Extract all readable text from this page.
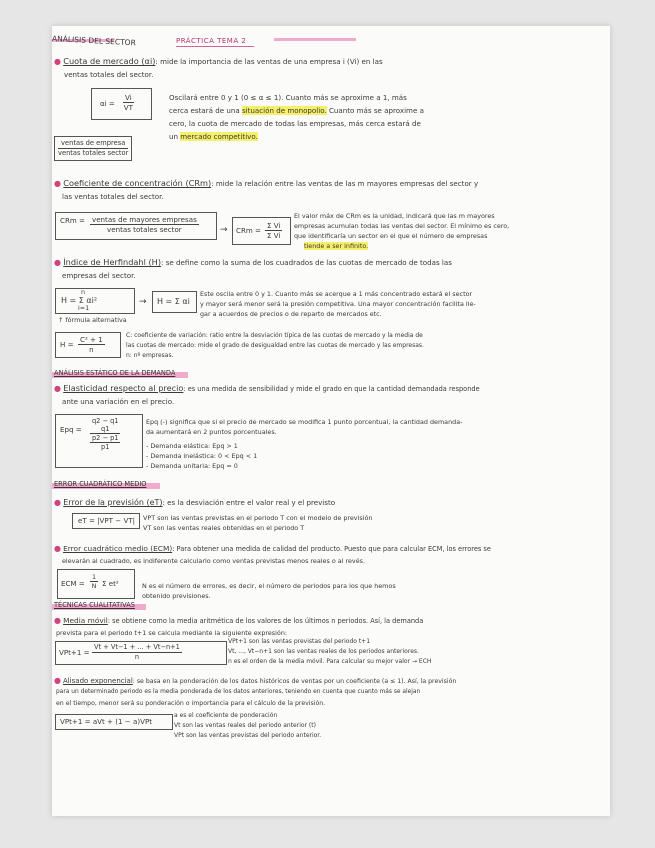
ANÁLISIS DEL SECTOR	PRÁCTICA TEMA 2
● Cuota de mercado (αi): mide la importancia de las ventas de una empresa i (Vi) en las
ventas totales del sector.
$\alpha i = \frac{Vi}{VT}$	Oscilará entre 0 y 1 (0 ≤ α ≤ 1). Cuanto más se aproxime a 1, más
cerca estará de una situación de monopolio. Cuanto más se aproxime a
cero, la cuota de mercado de todas las empresas, más cerca estará de
un mercado competitivo.
ventas de empresa
ventas totales sector
● Coeficiente de concentración (CRm): mide la relación entre las ventas de las m mayores empresas del sector y
las ventas totales del sector.
CRm = ventas de mayores empresas
ventas totales sector	→ CRm = $\frac{\text{Σ Vi}}{\text{Σ Vi}}$
El valor máx de CRm es la unidad, indicará que las m mayores
empresas acumulan todas las ventas del sector. El mínimo es cero,
que identificaría un sector en el que el número de empresas
tiende a ser infinito.
● Índice de Herfindahl (H): se define como la suma de los cuadrados de las cuotas de mercado de todas las
empresas del sector.
H = Σ αi²
n
i=1
→ H = Σ αi
↑ fórmula alternativa
Este oscila entre 0 y 1. Cuanto más se acerque a 1 más concentrado estará el sector
y mayor será menor será la presión competitiva. Una mayor concentración facilita lle-
gar a acuerdos de precios o de reparto de mercados etc.
$H = \frac{\text{C² + 1}}{n}$	C: coeficiente de variación: ratio entre la desviación típica de las cuotas de mercado y la media de
las cuotas de mercado: mide el grado de desigualdad entre las cuotas de mercado y las empresas.
n: nº empresas.
ANÁLISIS ESTÁTICO DE LA DEMANDA
● Elasticidad respecto al precio: es una medida de sensibilidad y mide el grado en que la cantidad demandada responde
ante una variación en el precio.
Epq =
q2 − q1
q1
p2 − p1
p1
Epq (-) significa que si el precio de mercado se modifica 1 punto porcentual, la cantidad demanda-
da aumentará en 2 puntos porcentuales.
- Demanda elástica: Epq > 1
- Demanda inelástica: 0 < Epq < 1
- Demanda unitaria: Epq = 0
ERROR CUADRÁTICO MEDIO
● Error de la previsión (eT): es la desviación entre el valor real y el previsto
eT = |VPT − VT| VPT son las ventas previstas en el periodo T con el modelo de previsión
VT son las ventas reales obtenidas en el periodo T
● Error cuadrático medio (ECM): Para obtener una medida de calidad del producto. Puesto que para calcular ECM, los errores se
elevarán al cuadrado, es indiferente calcularlo como ventas previstas menos reales o al revés.
ECM = $\frac{1}{N}$ Σ et²	N es el número de errores, es decir, el número de periodos para los que hemos
obtenido previsiones.
TÉCNICAS CUALITATIVAS
● Media móvil: se obtiene como la media aritmética de los valores de los últimos n periodos. Así, la demanda
prevista para el periodo t+1 se calcula mediante la siguiente expresión:
$VPt+1 = \frac{Vt + Vt-1 + ... + Vt-n+1}{n}$
VPt+1 son las ventas previstas del periodo t+1
Vt, ..., Vt−n+1 son las ventas reales de los periodos anteriores.
n es el orden de la media móvil. Para calcular su mejor valor → ECH
● Alisado exponencial: se basa en la ponderación de los datos históricos de ventas por un coeficiente (a ≤ 1). Así, la previsión
para un determinado periodo es la media ponderada de los datos anteriores, teniendo en cuenta que cuanto más se alejan
en el tiempo, menor será su ponderación o importancia para el cálculo de la previsión.
VPt+1 = aVt + (1 − a)VPt
a es el coeficiente de ponderación
Vt son las ventas reales del periodo anterior (t)
VPt son las ventas previstas del periodo anterior.
